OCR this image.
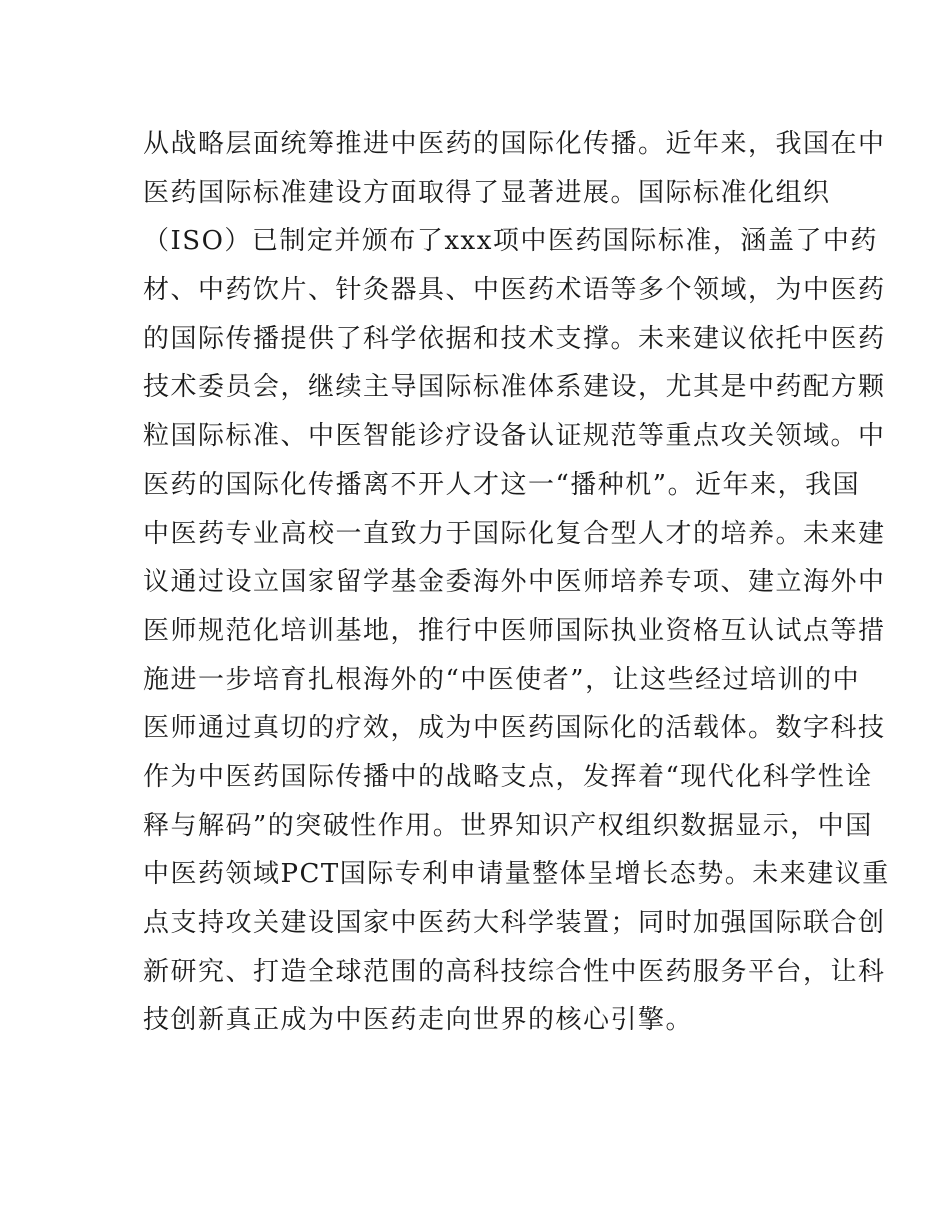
从战略层面统筹推进中医药的国际化传播。近年来，我国在中
医药国际标准建设方面取得了显著进展。国际标准化组织
（ISO）已制定并颁布了xxx项中医药国际标准，涵盖了中药
材、中药饮片、针灸器具、中医药术语等多个领域，为中医药
的国际传播提供了科学依据和技术支撑。未来建议依托中医药
技术委员会，继续主导国际标准体系建设，尤其是中药配方颗
粒国际标准、中医智能诊疗设备认证规范等重点攻关领域。中
医药的国际化传播离不开人才这一“播种机”。近年来，我国
中医药专业高校一直致力于国际化复合型人才的培养。未来建
议通过设立国家留学基金委海外中医师培养专项、建立海外中
医师规范化培训基地，推行中医师国际执业资格互认试点等措
施进一步培育扎根海外的“中医使者”，让这些经过培训的中
医师通过真切的疗效，成为中医药国际化的活载体。数字科技
作为中医药国际传播中的战略支点，发挥着“现代化科学性诠
释与解码”的突破性作用。世界知识产权组织数据显示，中国
中医药领域PCT国际专利申请量整体呈增长态势。未来建议重
点支持攻关建设国家中医药大科学装置；同时加强国际联合创
新研究、打造全球范围的高科技综合性中医药服务平台，让科
技创新真正成为中医药走向世界的核心引擎。
